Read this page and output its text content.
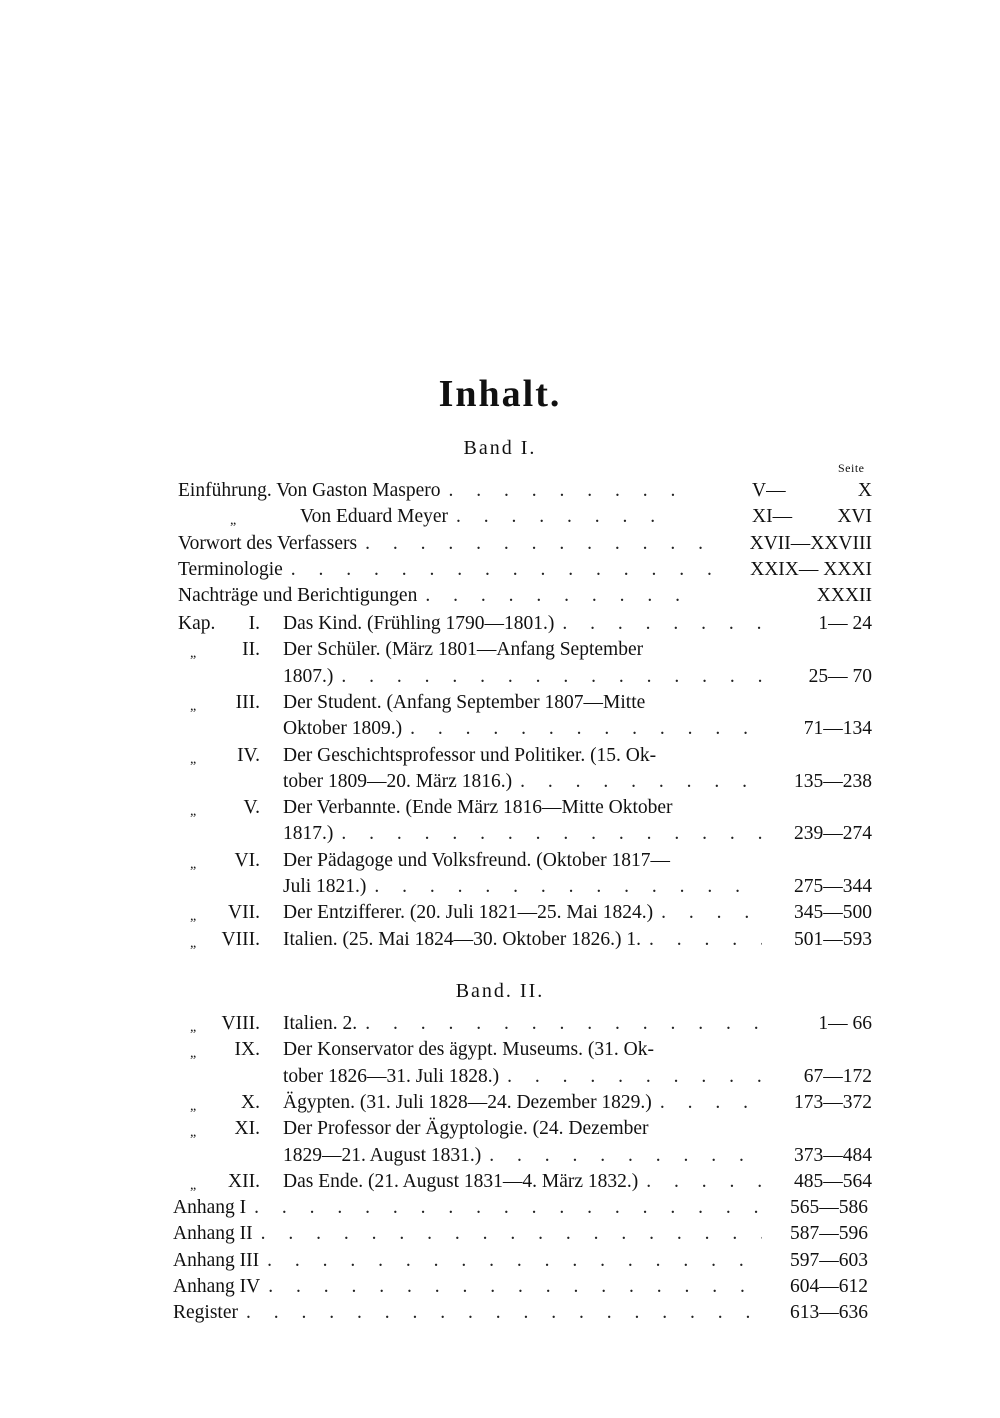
Inhalt.
Band I.
Seite
Einführung. Von Gaston Maspero . . .	V—	X
„	Von Eduard Meyer . . .	XI— XVI
Vorwort des Verfassers . . .	XVII—XXVIII
Terminologie . . .	XXIX— XXXI
Nachträge und Berichtigungen . . .	XXXII
Kap. I. Das Kind. (Frühling 1790—1801.) . . .	1— 24
„ II. Der Schüler. (März 1801—Anfang September
1807.) . . .	25— 70
„ III. Der Student. (Anfang September 1807—Mitte
Oktober 1809.) . . .	71—134
„ IV. Der Geschichtsprofessor und Politiker. (15. Ok-
tober 1809—20. März 1816.) . . .	135—238
„ V. Der Verbannte. (Ende März 1816—Mitte Oktober
1817.) . . .	239—274
„ VI. Der Pädagoge und Volksfreund. (Oktober 1817—
Juli 1821.) . . .	275—344
„ VII. Der Entzifferer. (20. Juli 1821—25. Mai 1824.) . . .	345—500
„ VIII. Italien. (25. Mai 1824—30. Oktober 1826.) 1. . . .	501—593
„ VIII. Italien. 2. . . .	1— 66
„ IX. Der Konservator des ägypt. Museums. (31. Ok-
tober 1826—31. Juli 1828.) . . .	67—172
„ X. Ägypten. (31. Juli 1828—24. Dezember 1829.) . . .	173—372
„ XI. Der Professor der Ägyptologie. (24. Dezember
1829—21. August 1831.) . . .	373—484
„ XII. Das Ende. (21. August 1831—4. März 1832.) . . .	485—564
Anhang I . . .	565—586
Anhang II . . .	587—596
Anhang III . . .	597—603
Anhang IV . . .	604—612
Register . . .	613—636
Band. II.
